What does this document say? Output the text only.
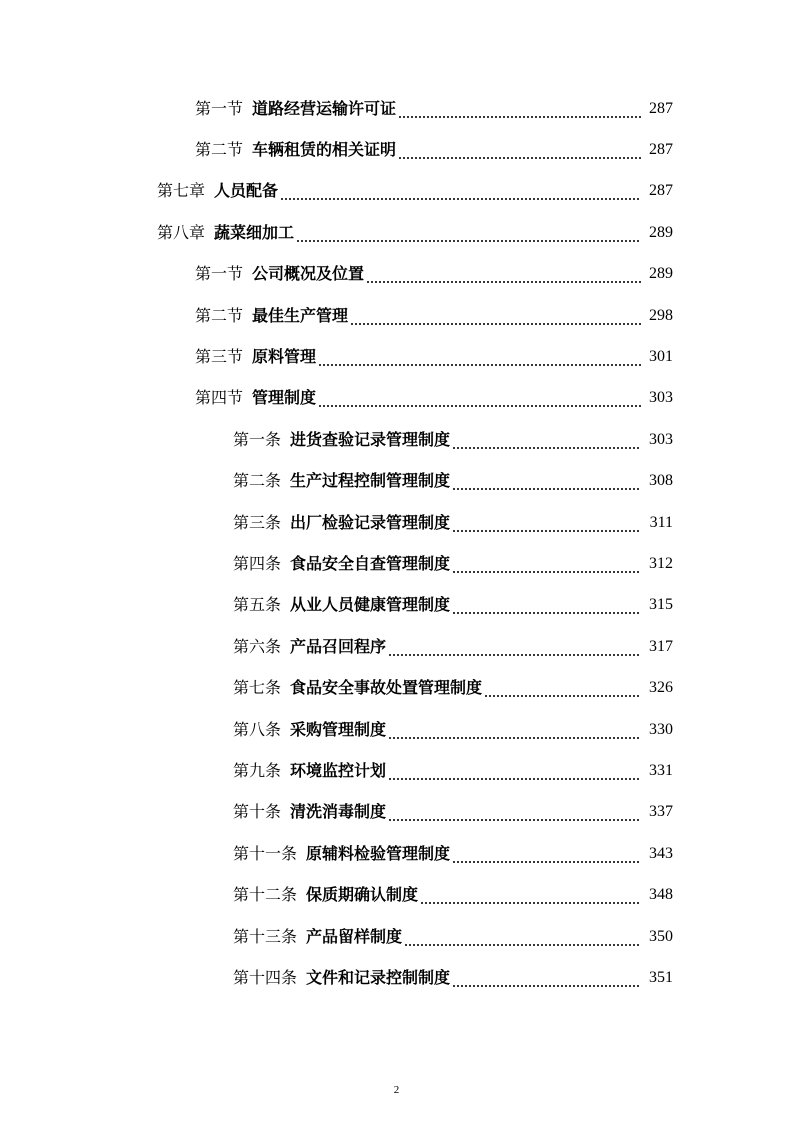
第一节 道路经营运输许可证	287
第二节 车辆租赁的相关证明	287
第七章 人员配备	287
第八章 蔬菜细加工	289
第一节 公司概况及位置	289
第二节 最佳生产管理	298
第三节 原料管理	301
第四节 管理制度	303
第一条 进货查验记录管理制度	303
第二条 生产过程控制管理制度	308
第三条 出厂检验记录管理制度	311
第四条 食品安全自查管理制度	312
第五条 从业人员健康管理制度	315
第六条 产品召回程序	317
第七条 食品安全事故处置管理制度	326
第八条 采购管理制度	330
第九条 环境监控计划	331
第十条 清洗消毒制度	337
第十一条 原辅料检验管理制度	343
第十二条 保质期确认制度	348
第十三条 产品留样制度	350
第十四条 文件和记录控制制度	351
2
